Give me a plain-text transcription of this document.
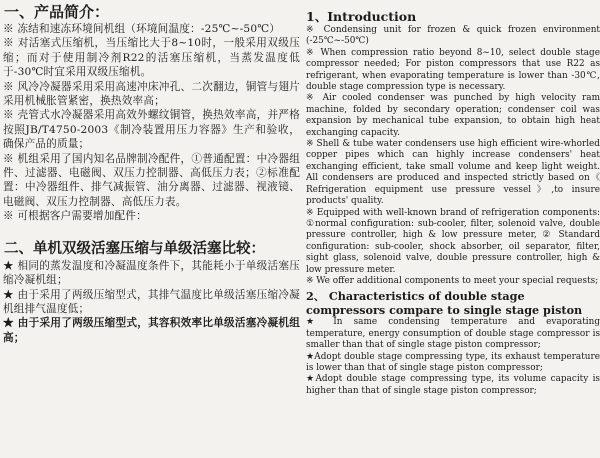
一、产品简介：

※ 冻结和速冻环境间机组（环境间温度：-25℃~-50℃）

※ 对活塞式压缩机，当压缩比大于8~10时，一般采用双级压缩；而对于使用制冷剂R22的活塞压缩机，当蒸发温度低于-30℃时宜采用双级压缩机。

※ 风冷冷凝器采用采用高速冲床冲孔、二次翻边，铜管与翅片采用机械胀管紧密，换热效率高；

※ 壳管式水冷凝器采用高效外螺纹铜管，换热效率高，并严格按照JB/T4750-2003《制冷装置用压力容器》生产和验收，确保产品的质量；

※ 机组采用了国内知名品牌制冷配件，①普通配置：中冷器组件、过滤器、电磁阀、双压力控制器、高低压力表；②标准配置：中冷器组件、排气减振管、油分离器、过滤器、视液镜、电磁阀、双压力控制器、高低压力表。

※ 可根据客户需要增加配件：

二、单机双级活塞压缩与单级活塞比较：

★ 相同的蒸发温度和冷凝温度条件下，其能耗小于单级活塞压缩冷凝机组；

★ 由于采用了两级压缩型式，其排气温度比单级活塞压缩冷凝机组排气温度低；

★ 由于采用了两级压缩型式，其容积效率比单级活塞冷凝机组高；

1、Introduction

※ Condensing unit for frozen & quick frozen environment (-25℃~-50℃)

※ When compression ratio beyond 8~10, select double stage compressor needed; For piston compressors that use R22 as refrigerant, when evaporating temperature is lower than -30℃, double stage compression type is necessary.

※ Air cooled condenser was punched by high velocity ram machine, folded by secondary operation; condenser coil was expansion by mechanical tube expansion, to obtain high heat exchanging capacity.

※ Shell & tube water condensers use high efficient wire-whorled copper pipes which can highly increase condensers' heat exchanging efficient, take small volume and keep light weight. All condensers are produced and inspected strictly based on《 Refrigeration equipment use pressure vessel》,to insure products' quality.

※ Equipped with well-known brand of refrigeration components: ①normal configuration: sub-cooler, filter, solenoid valve, double pressure controller, high & low pressure meter, ② Standard configuration: sub-cooler, shock absorber, oil separator, filter, sight glass, solenoid valve, double pressure controller, high & low pressure meter.

※ We offer additional components to meet your special requests;

2、 Characteristics of double stage compressors compare to single stage piston

★ In same condensing temperature and evaporating temperature, energy consumption of double stage compressor is smaller than that of single stage piston compressor;

★Adopt double stage compressing type, its exhaust temperature is lower than that of single stage piston compressor;

★Adopt double stage compressing type, its volume capacity is higher than that of single stage piston compressor;
